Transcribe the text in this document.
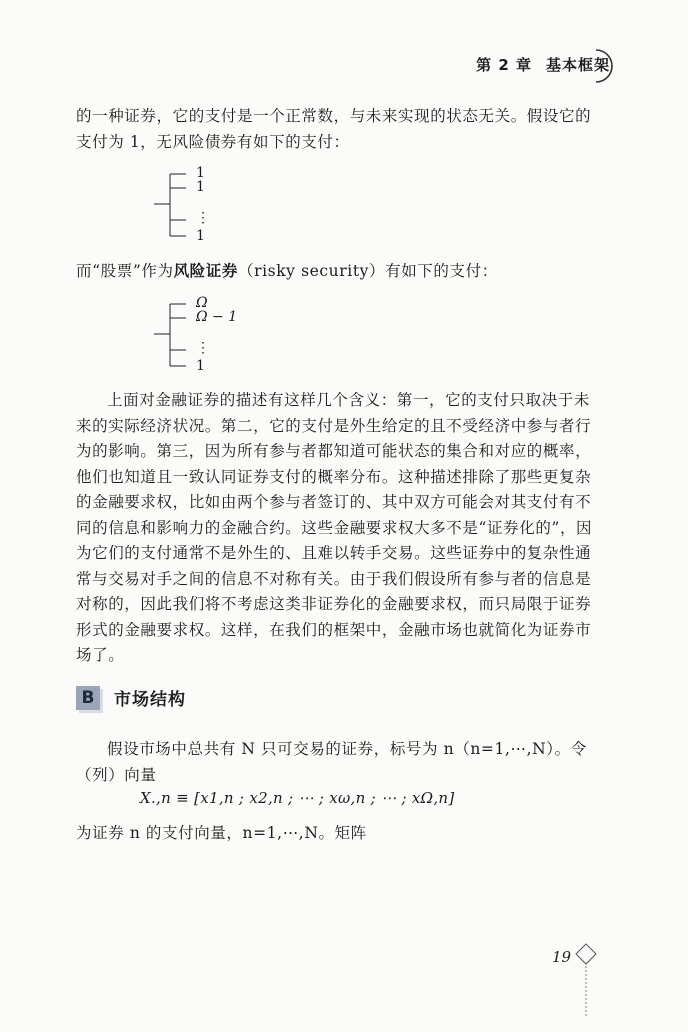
第 2 章 基本框架
的一种证券，它的支付是一个正常数，与未来实现的状态无关。假设它的支付为 1，无风险债券有如下的支付：
1
1
⋮
1
而“股票”作为风险证券（risky security）有如下的支付：
Ω
Ω − 1
⋮
1
上面对金融证券的描述有这样几个含义：第一，它的支付只取决于未来的实际经济状况。第二，它的支付是外生给定的且不受经济中参与者行为的影响。第三，因为所有参与者都知道可能状态的集合和对应的概率，他们也知道且一致认同证券支付的概率分布。这种描述排除了那些更复杂的金融要求权，比如由两个参与者签订的、其中双方可能会对其支付有不同的信息和影响力的金融合约。这些金融要求权大多不是“证券化的”，因为它们的支付通常不是外生的、且难以转手交易。这些证券中的复杂性通常与交易对手之间的信息不对称有关。由于我们假设所有参与者的信息是对称的，因此我们将不考虑这类非证券化的金融要求权，而只局限于证券形式的金融要求权。这样，在我们的框架中，金融市场也就简化为证券市场了。
B	市场结构
假设市场中总共有 N 只可交易的证券，标号为 n（n=1,⋯,N）。令（列）向量
X.,n ≡ [x1,n ; x2,n ; ⋯ ; xω,n ; ⋯ ; xΩ,n]
为证券 n 的支付向量，n=1,⋯,N。矩阵
19
